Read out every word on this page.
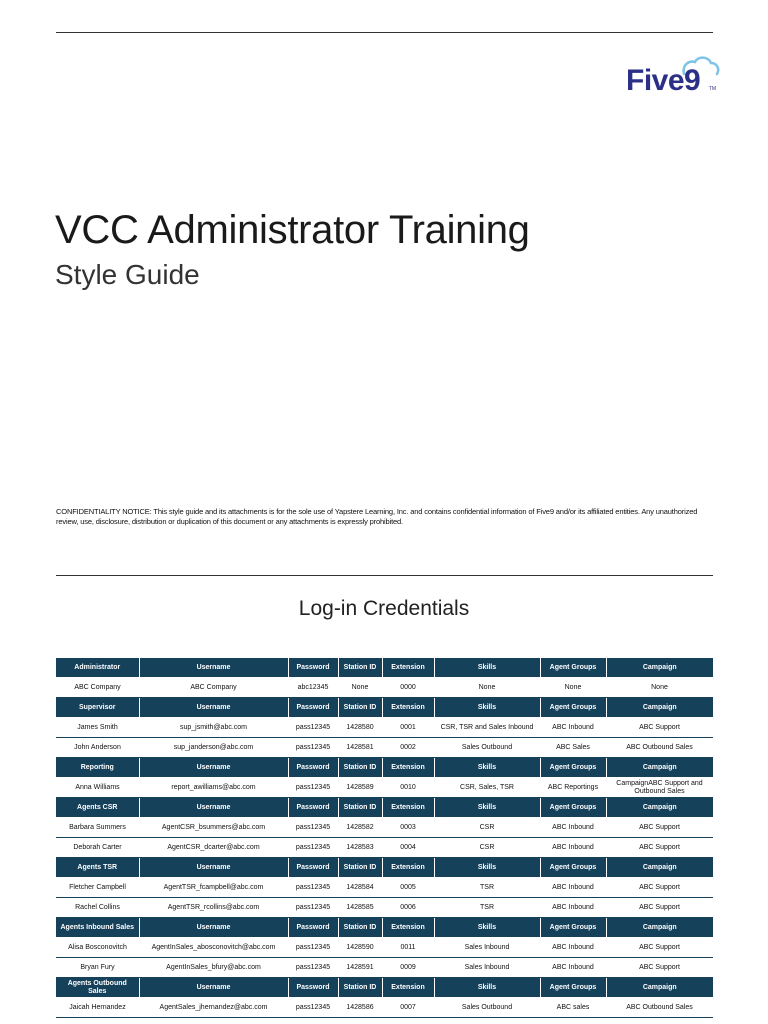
Five9 TM
VCC Administrator Training
Style Guide
CONFIDENTIALITY NOTICE: This style guide and its attachments is for the sole use of Yapstere Learning, Inc. and contains confidential information of Five9 and/or its affiliated entities. Any unauthorized review, use, disclosure, distribution or duplication of this document or any attachments is expressly prohibited.
Log-in Credentials
Administrator	Username	Password	Station ID	Extension	Skills	Agent Groups	Campaign
ABC Company	ABC Company	abc12345	None	0000	None	None	None
Supervisor	Username	Password	Station ID	Extension	Skills	Agent Groups	Campaign
James Smith	sup_jsmith@abc.com	pass12345	1428580	0001	CSR, TSR and Sales Inbound	ABC Inbound	ABC Support
John Anderson	sup_janderson@abc.com	pass12345	1428581	0002	Sales Outbound	ABC Sales	ABC Outbound Sales
Reporting	Username	Password	Station ID	Extension	Skills	Agent Groups	Campaign
Anna Williams	report_awilliams@abc.com	pass12345	1428589	0010	CSR, Sales, TSR	ABC Reportings	CampaignABC Support and Outbound Sales
Agents CSR	Username	Password	Station ID	Extension	Skills	Agent Groups	Campaign
Barbara Summers	AgentCSR_bsummers@abc.com	pass12345	1428582	0003	CSR	ABC Inbound	ABC Support
Deborah Carter	AgentCSR_dcarter@abc.com	pass12345	1428583	0004	CSR	ABC Inbound	ABC Support
Agents TSR	Username	Password	Station ID	Extension	Skills	Agent Groups	Campaign
Fletcher Campbell	AgentTSR_fcampbell@abc.com	pass12345	1428584	0005	TSR	ABC Inbound	ABC Support
Rachel Collins	AgentTSR_rcollins@abc.com	pass12345	1428585	0006	TSR	ABC Inbound	ABC Support
Agents Inbound Sales	Username	Password	Station ID	Extension	Skills	Agent Groups	Campaign
Alisa Bosconovitch	AgentInSales_abosconovitch@abc.com	pass12345	1428590	0011	Sales Inbound	ABC Inbound	ABC Support
Bryan Fury	AgentInSales_bfury@abc.com	pass12345	1428591	0009	Sales Inbound	ABC Inbound	ABC Support
Agents Outbound Sales	Username	Password	Station ID	Extension	Skills	Agent Groups	Campaign
Jaicah Hernandez	AgentSales_jhernandez@abc.com	pass12345	1428586	0007	Sales Outbound	ABC sales	ABC Outbound Sales
